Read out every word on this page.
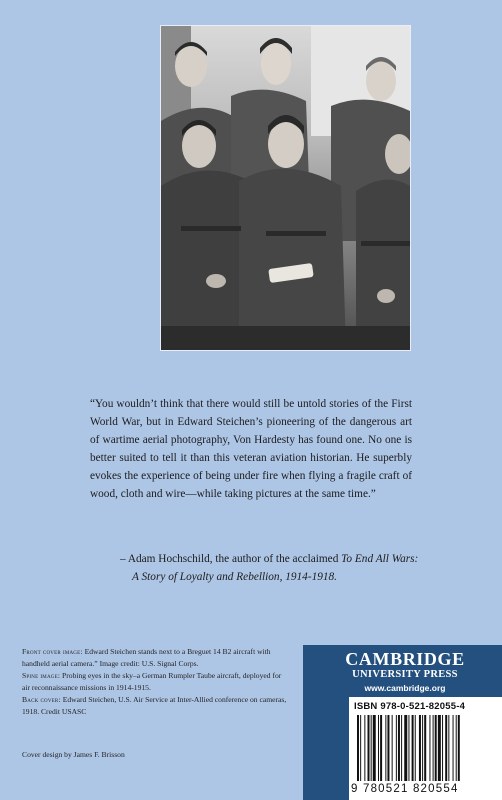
“You wouldn’t think that there would still be untold stories of the First World War, but in Edward Steichen’s pioneering of the dangerous art of wartime aerial photography, Von Hardesty has found one. No one is better suited to tell it than this veteran aviation historian. He superbly evokes the experience of being under fire when flying a fragile craft of wood, cloth and wire—while taking pictures at the same time.”
– Adam Hochschild, the author of the acclaimed To End All Wars:
A Story of Loyalty and Rebellion, 1914-1918.

Front cover image: Edward Steichen stands next to a Breguet 14 B2 aircraft with handheld aerial camera.” Image credit: U.S. Signal Corps.

Spine image: Probing eyes in the sky–a German Rumpler Taube aircraft, deployed for air reconnaissance missions in 1914-1915.

Back cover: Edward Steichen, U.S. Air Service at Inter-Allied conference on cameras, 1918. Credit USASC

Cover design by James F. Brisson
CAMBRIDGE
UNIVERSITY PRESS
www.cambridge.org
ISBN 978-0-521-82055-4
9 780521 820554
